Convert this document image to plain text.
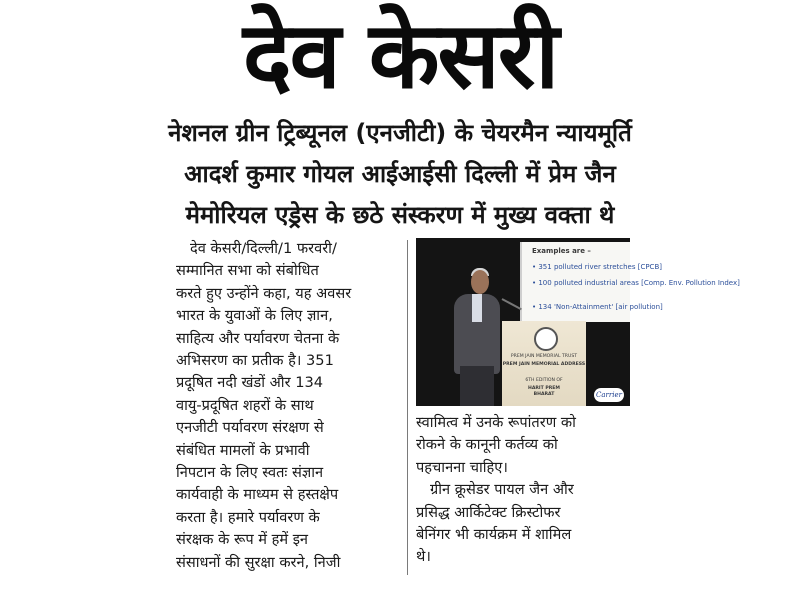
देव केसरी
नेशनल ग्रीन ट्रिब्यूनल (एनजीटी) के चेयरमैन न्यायमूर्ति
आदर्श कुमार गोयल आईआईसी दिल्ली में प्रेम जैन
मेमोरियल एड्रेस के छठे संस्करण में मुख्य वक्ता थे
देव केसरी/दिल्ली/1 फरवरी/
सम्मानित सभा को संबोधित
करते हुए उन्होंने कहा, यह अवसर
भारत के युवाओं के लिए ज्ञान,
साहित्य और पर्यावरण चेतना के
अभिसरण का प्रतीक है। 351
प्रदूषित नदी खंडों और 134
वायु-प्रदूषित शहरों के साथ
एनजीटी पर्यावरण संरक्षण से
संबंधित मामलों के प्रभावी
निपटान के लिए स्वतः संज्ञान
कार्यवाही के माध्यम से हस्तक्षेप
करता है। हमारे पर्यावरण के
संरक्षक के रूप में हमें इन
संसाधनों की सुरक्षा करने, निजी
Examples are –
• 351 polluted river stretches [CPCB]
• 100 polluted industrial areas [Comp. Env. Pollution Index]
• 134 'Non-Attainment' [air pollution]
PREM JAIN MEMORIAL TRUST
PREM JAIN MEMORIAL ADDRESS
6TH EDITION OF
HARIT PREM
BHARAT	Carrier
स्वामित्व में उनके रूपांतरण को
रोकने के कानूनी कर्तव्य को
पहचानना चाहिए।
ग्रीन क्रूसेडर पायल जैन और
प्रसिद्ध आर्किटेक्ट क्रिस्टोफर
बेनिंगर भी कार्यक्रम में शामिल
थे।
